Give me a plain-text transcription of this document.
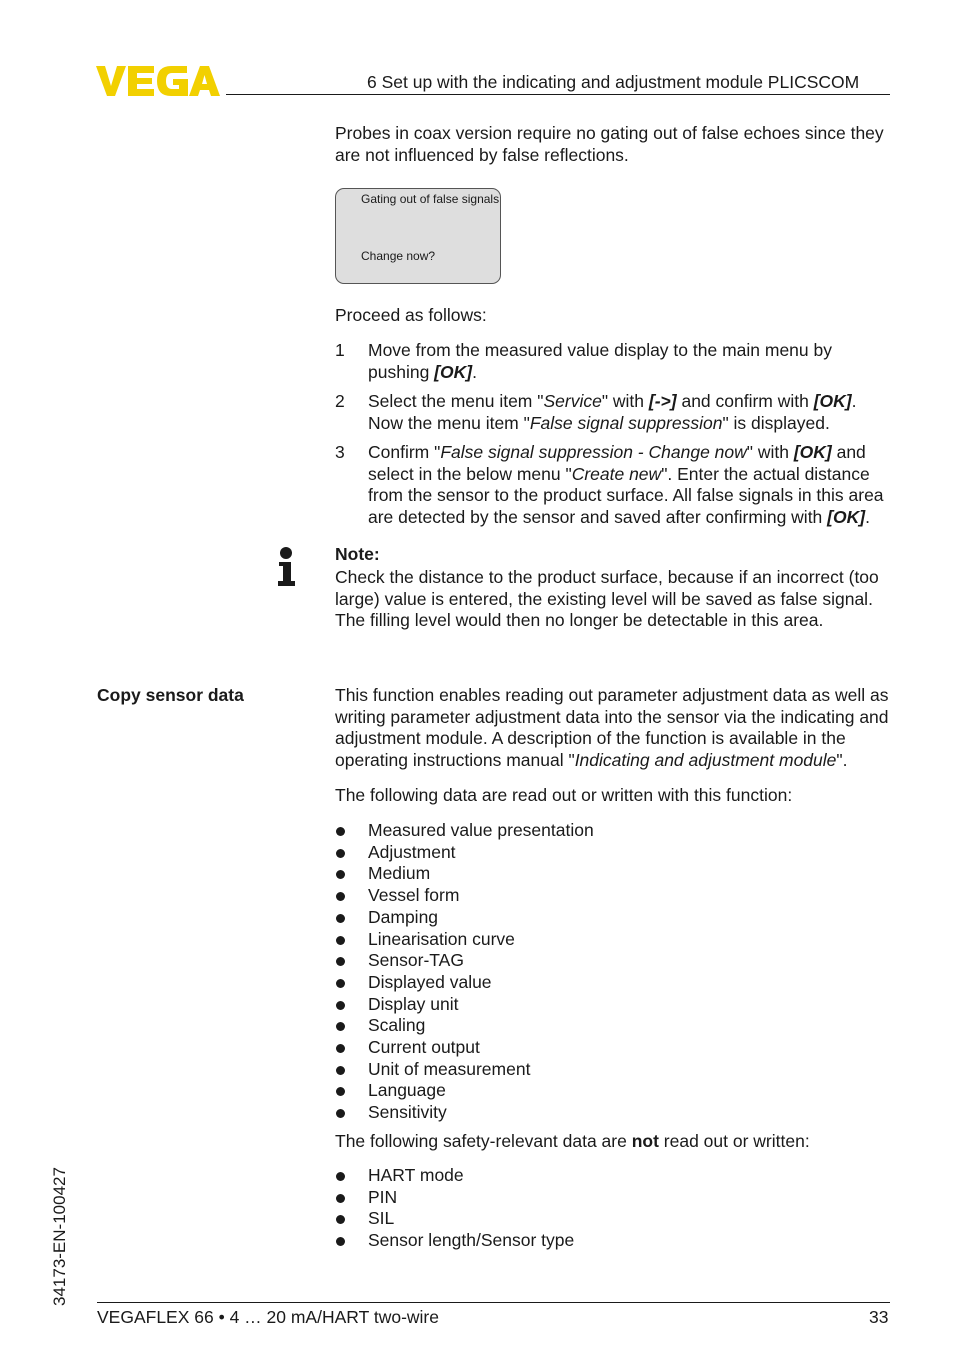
6 Set up with the indicating and adjustment module PLICSCOM
Probes in coax version require no gating out of false echoes since they are not influenced by false reflections.
Gating out of false signals
Change now?
Proceed as follows:
1 Move from the measured value display to the main menu by pushing [OK].
2 Select the menu item "Service" with [->] and confirm with [OK]. Now the menu item "False signal suppression" is displayed.
3 Confirm "False signal suppression - Change now" with [OK] and select in the below menu "Create new". Enter the actual distance from the sensor to the product surface. All false signals in this area are detected by the sensor and saved after confirming with [OK].
Note:
Check the distance to the product surface, because if an incorrect (too large) value is entered, the existing level will be saved as false signal. The filling level would then no longer be detectable in this area.
Copy sensor data	This function enables reading out parameter adjustment data as well as writing parameter adjustment data into the sensor via the indicating and adjustment module. A description of the function is available in the operating instructions manual "Indicating and adjustment module".
The following data are read out or written with this function:
Measured value presentation
Adjustment
Medium
Vessel form
Damping
Linearisation curve
Sensor-TAG
Displayed value
Display unit
Scaling
Current output
Unit of measurement
Language
Sensitivity
The following safety-relevant data are not read out or written:
HART mode
PIN
SIL
Sensor length/Sensor type
34173-EN-100427
VEGAFLEX 66 • 4 … 20 mA/HART two-wire	33
